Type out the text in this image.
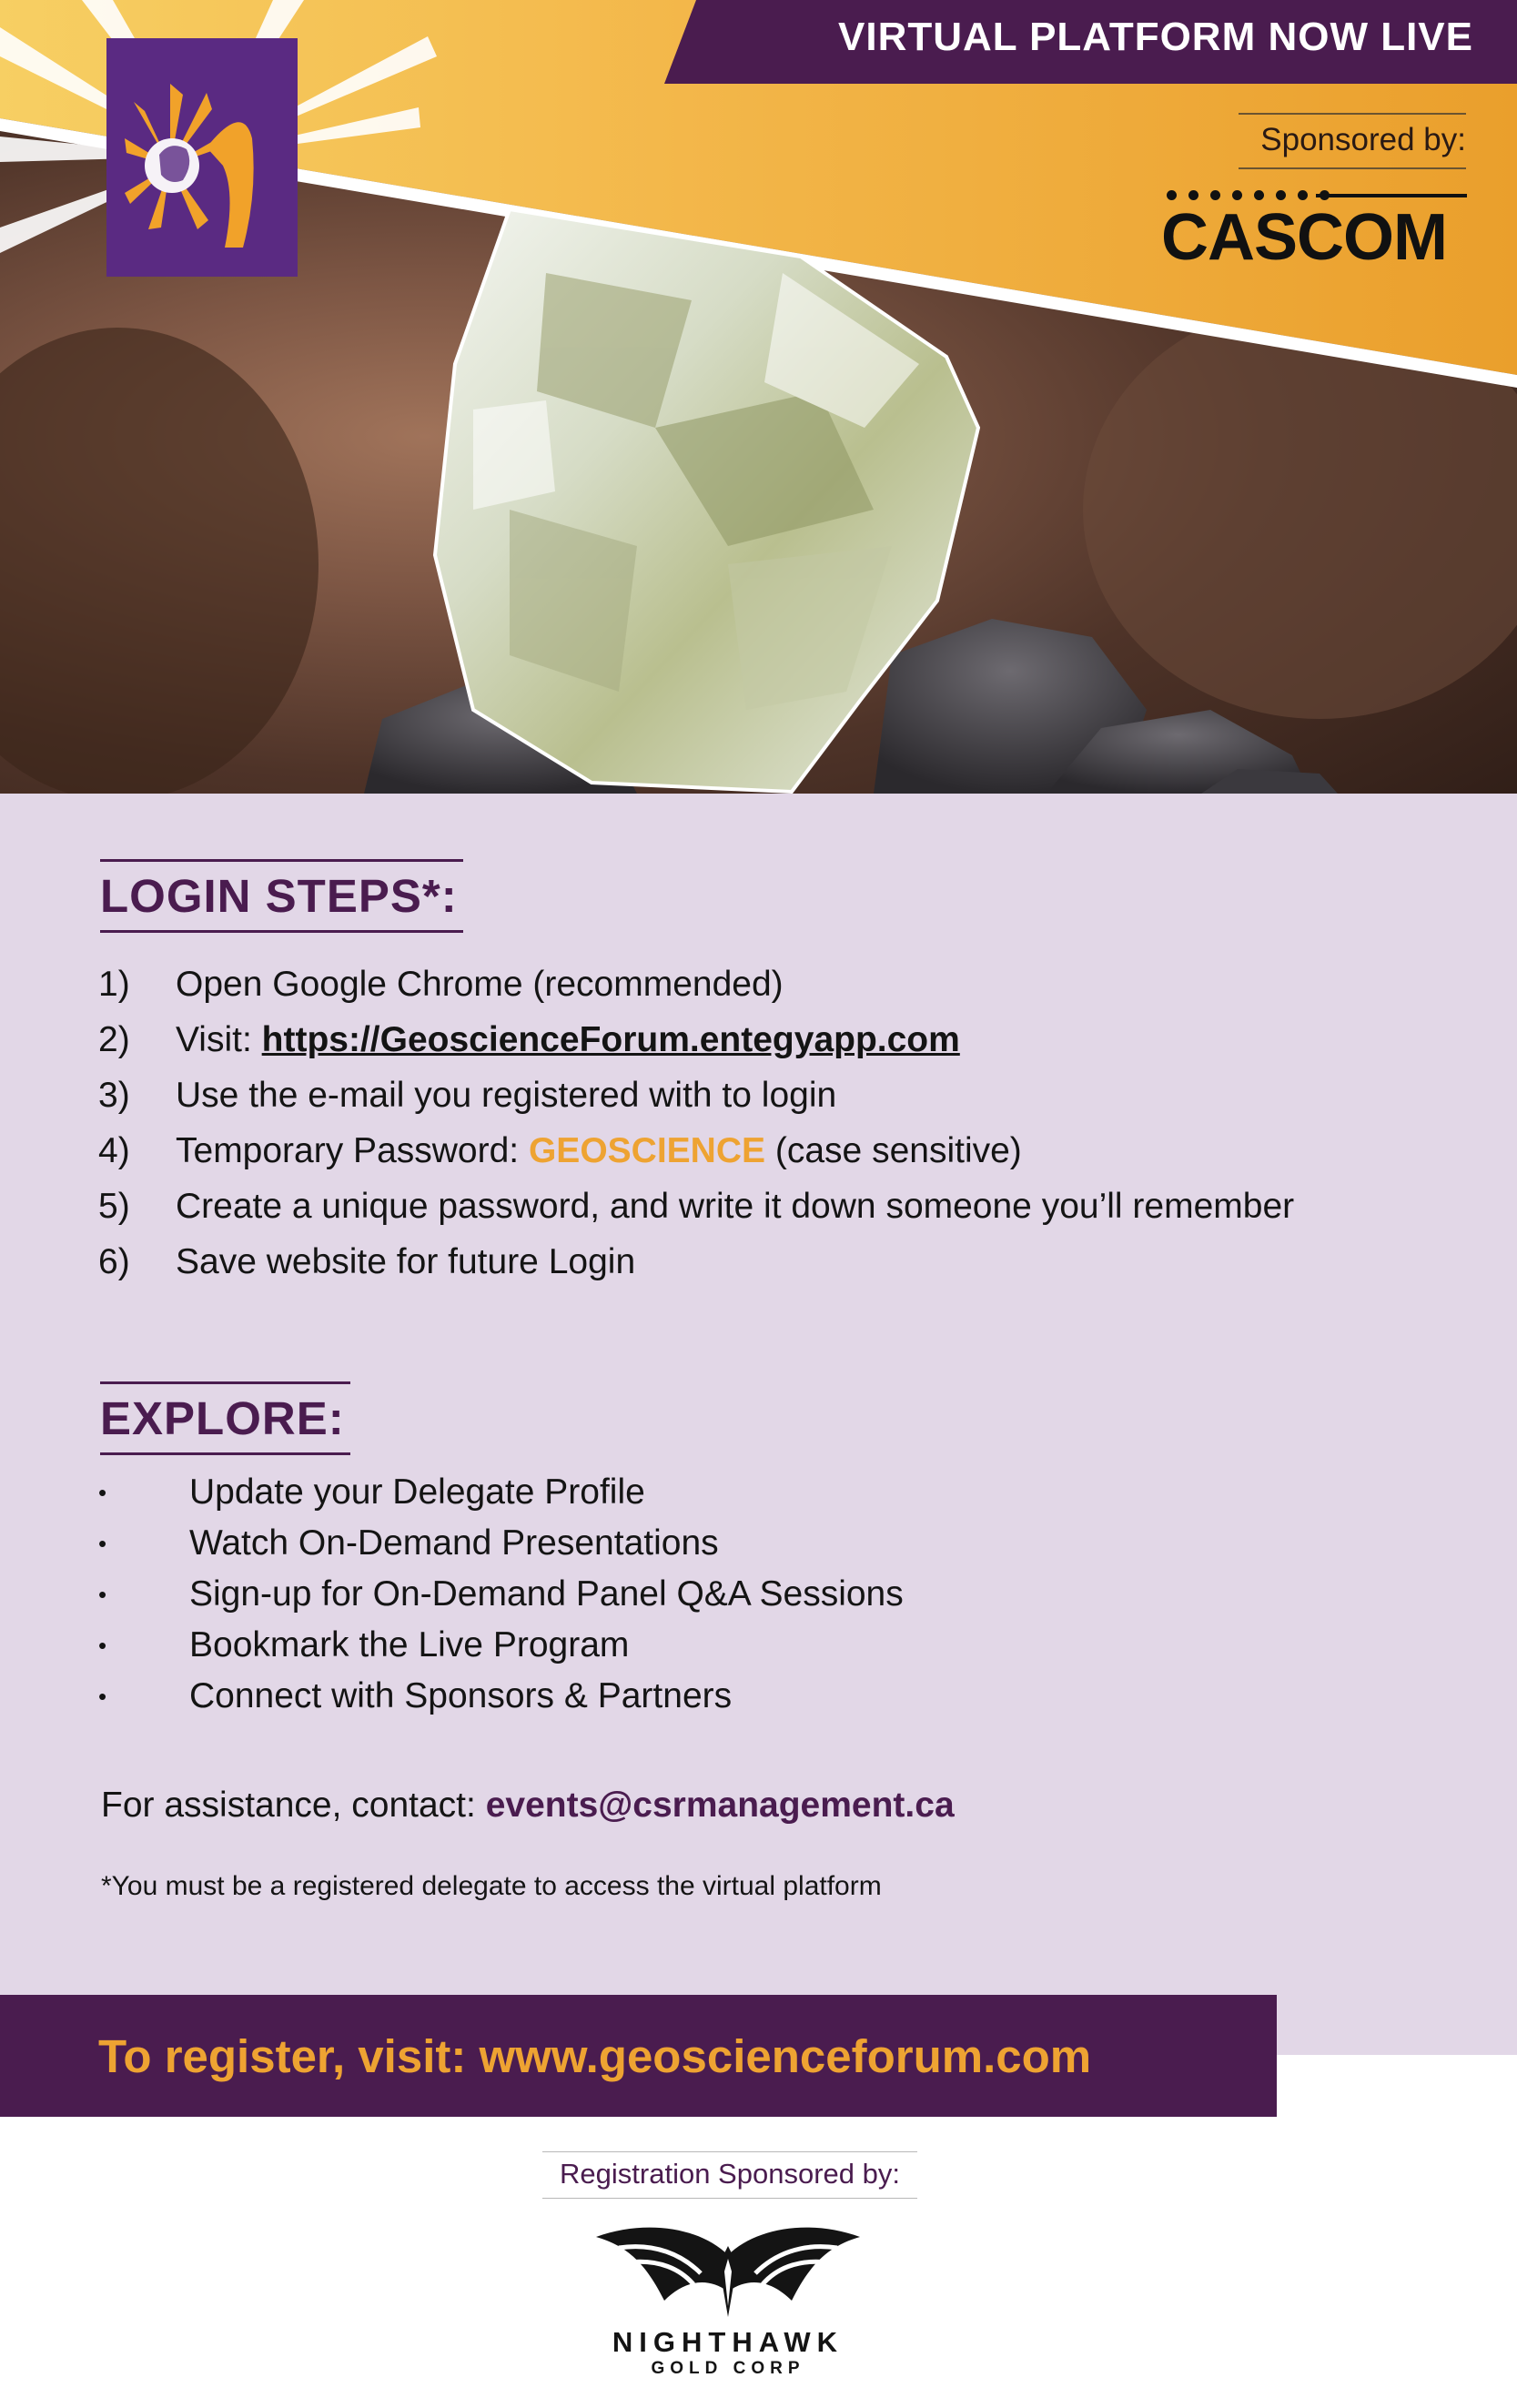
VIRTUAL PLATFORM NOW LIVE
Sponsored by:
CASCOM
LOGIN STEPS*:
1)	Open Google Chrome (recommended)
2)	Visit: https://GeoscienceForum.entegyapp.com
3)	Use the e-mail you registered with to login
4)	Temporary Password: GEOSCIENCE (case sensitive)
5)	Create a unique password, and write it down someone you’ll remember
6)	Save website for future Login
EXPLORE:
•	Update your Delegate Profile
•	Watch On-Demand Presentations
•	Sign-up for On-Demand Panel Q&A Sessions
•	Bookmark the Live Program
•	Connect with Sponsors & Partners
For assistance, contact: events@csrmanagement.ca
*You must be a registered delegate to access the virtual platform
To register, visit: www.geoscienceforum.com
Registration Sponsored by:
NIGHTHAWK
GOLD CORP
